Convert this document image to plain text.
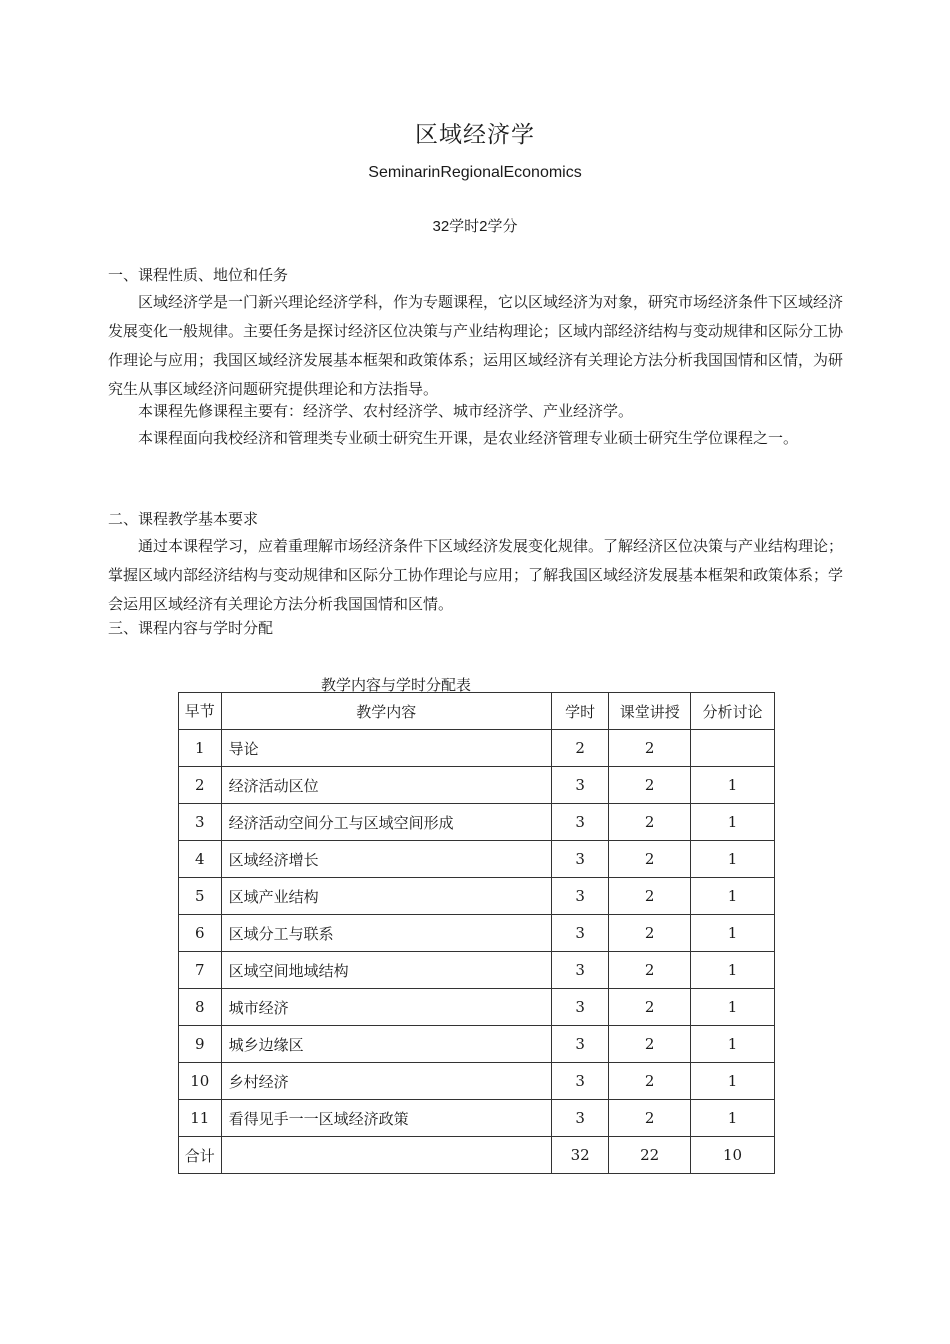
区域经济学
SeminarinRegionalEconomics
32学时2学分
一、课程性质、地位和任务
区域经济学是一门新兴理论经济学科，作为专题课程，它以区域经济为对象，研究市场经济条件下区域经济发展变化一般规律。主要任务是探讨经济区位决策与产业结构理论；区域内部经济结构与变动规律和区际分工协作理论与应用；我国区域经济发展基本框架和政策体系；运用区域经济有关理论方法分析我国国情和区情，为研究生从事区域经济问题研究提供理论和方法指导。
本课程先修课程主要有：经济学、农村经济学、城市经济学、产业经济学。
本课程面向我校经济和管理类专业硕士研究生开课，是农业经济管理专业硕士研究生学位课程之一。
二、课程教学基本要求
通过本课程学习，应着重理解市场经济条件下区域经济发展变化规律。了解经济区位决策与产业结构理论；掌握区域内部经济结构与变动规律和区际分工协作理论与应用；了解我国区域经济发展基本框架和政策体系；学会运用区域经济有关理论方法分析我国国情和区情。
三、课程内容与学时分配
教学内容与学时分配表
早节	教学内容	学时	课堂讲授	分析讨论
1	导论	2	2	
2	经济活动区位	3	2	1
3	经济活动空间分工与区域空间形成	3	2	1
4	区域经济增长	3	2	1
5	区域产业结构	3	2	1
6	区域分工与联系	3	2	1
7	区域空间地域结构	3	2	1
8	城市经济	3	2	1
9	城乡边缘区	3	2	1
10	乡村经济	3	2	1
11	看得见手一一区域经济政策	3	2	1
合计		32	22	10
